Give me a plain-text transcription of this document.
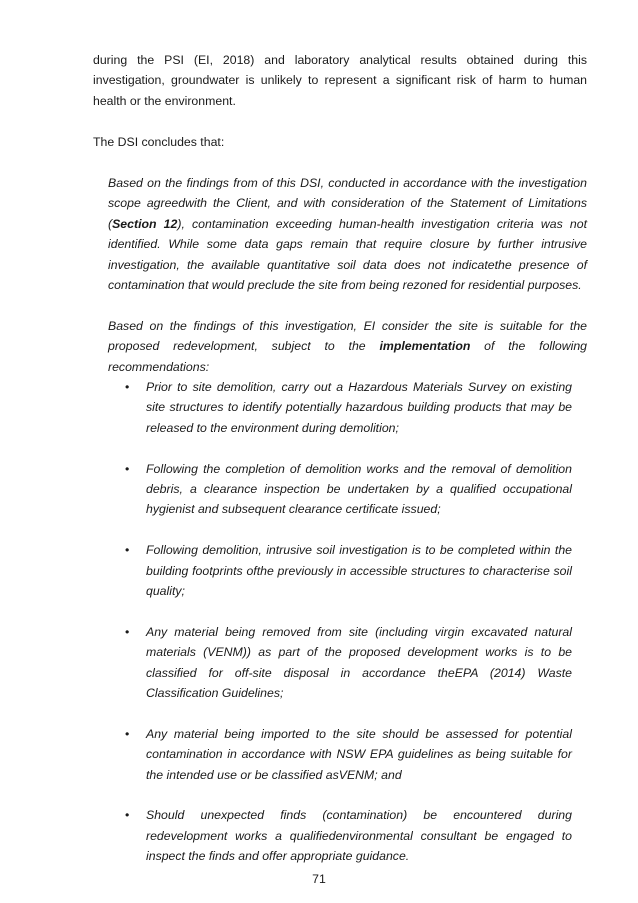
during the PSI (EI, 2018) and laboratory analytical results obtained during this investigation, groundwater is unlikely to represent a significant risk of harm to human health or the environment.

The DSI concludes that:

Based on the findings from of this DSI, conducted in accordance with the investigation scope agreedwith the Client, and with consideration of the Statement of Limitations (Section 12), contamination exceeding human-health investigation criteria was not identified. While some data gaps remain that require closure by further intrusive investigation, the available quantitative soil data does not indicatethe presence of contamination that would preclude the site from being rezoned for residential purposes.

Based on the findings of this investigation, EI consider the site is suitable for the proposed redevelopment, subject to the implementation of the following recommendations:

• Prior to site demolition, carry out a Hazardous Materials Survey on existing site structures to identify potentially hazardous building products that may be released to the environment during demolition;
• Following the completion of demolition works and the removal of demolition debris, a clearance inspection be undertaken by a qualified occupational hygienist and subsequent clearance certificate issued;
• Following demolition, intrusive soil investigation is to be completed within the building footprints ofthe previously in accessible structures to characterise soil quality;
• Any material being removed from site (including virgin excavated natural materials (VENM)) as part of the proposed development works is to be classified for off-site disposal in accordance theEPA (2014) Waste Classification Guidelines;
• Any material being imported to the site should be assessed for potential contamination in accordance with NSW EPA guidelines as being suitable for the intended use or be classified asVENM; and
• Should unexpected finds (contamination) be encountered during redevelopment works a qualifiedenvironmental consultant be engaged to inspect the finds and offer appropriate guidance.
71
